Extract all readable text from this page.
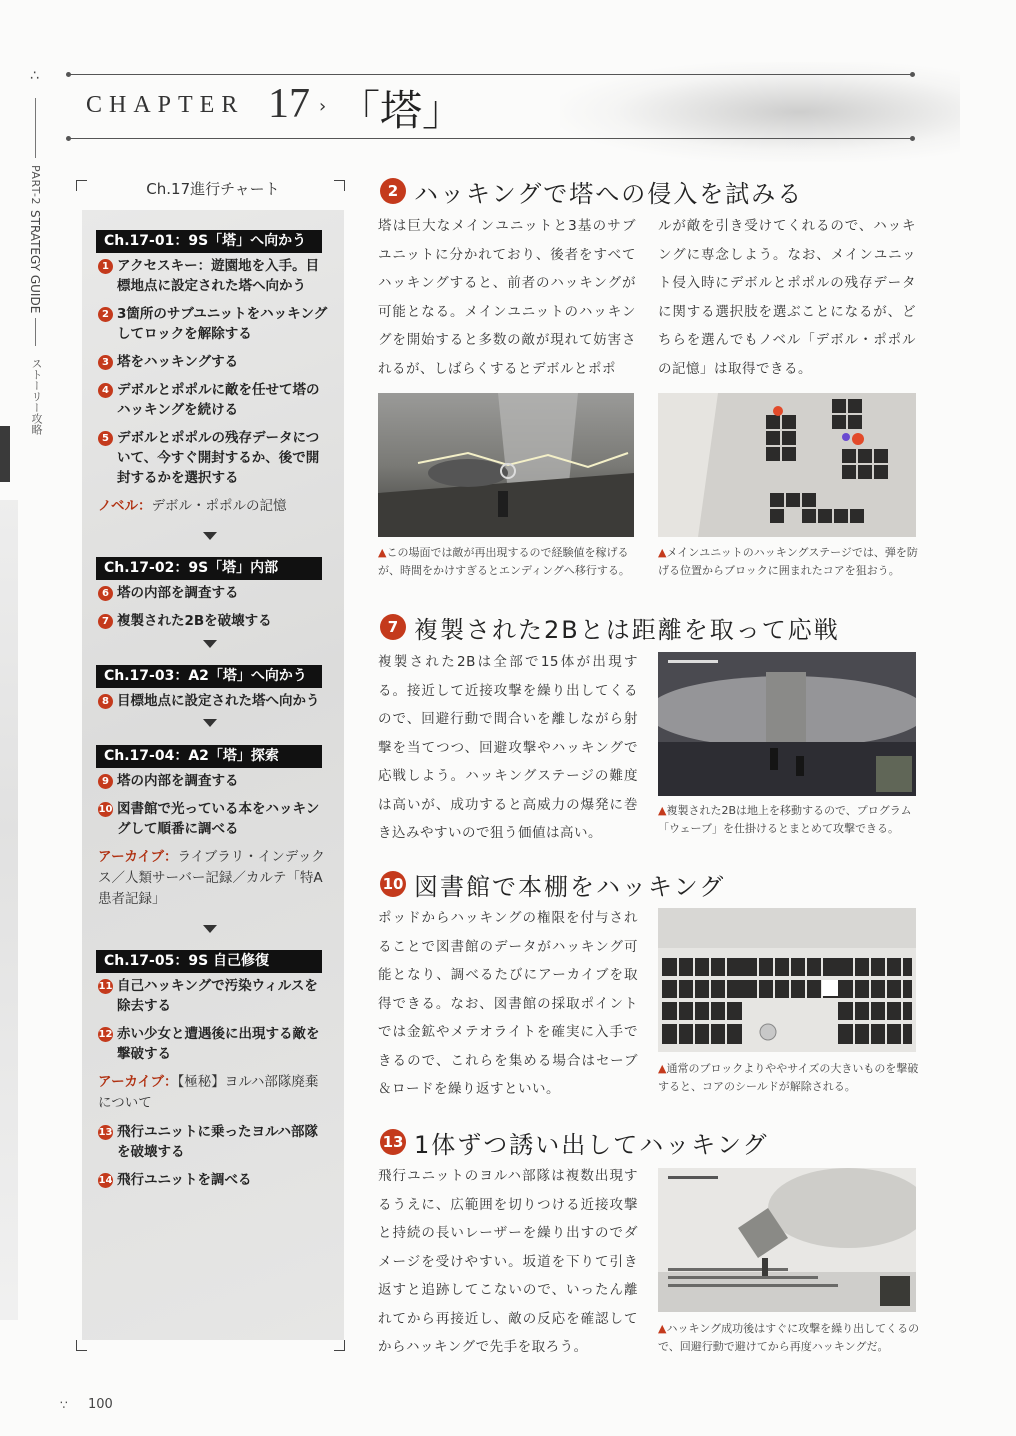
CHAPTER 17 › 「塔」
∴
PART-2
STRATEGY GUIDE
ストーリー攻略
Ch.17進行チャート
Ch.17-01：9S「塔」へ向かう
1 アクセスキー：遊園地を入手。目標地点に設定された塔へ向かう
2 3箇所のサブユニットをハッキングしてロックを解除する
3 塔をハッキングする
4 デボルとポポルに敵を任せて塔のハッキングを続ける
5 デボルとポポルの残存データについて、今すぐ開封するか、後で開封するかを選択する
ノベル：デボル・ポポルの記憶
Ch.17-02：9S「塔」内部
6 塔の内部を調査する
7 複製された2Bを破壊する
Ch.17-03：A2「塔」へ向かう
8 目標地点に設定された塔へ向かう
Ch.17-04：A2「塔」探索
9 塔の内部を調査する
10 図書館で光っている本をハッキングして順番に調べる
アーカイブ：ライブラリ・インデックス／人類サーバー記録／カルテ「特A患者記録」
Ch.17-05：9S 自己修復
11 自己ハッキングで汚染ウィルスを除去する
12 赤い少女と遭遇後に出現する敵を撃破する
アーカイブ：【極秘】ヨルハ部隊廃棄について
13 飛行ユニットに乗ったヨルハ部隊を破壊する
14 飛行ユニットを調べる
2 ハッキングで塔への侵入を試みる
塔は巨大なメインユニットと3基のサブユニットに分かれており、後者をすべてハッキングすると、前者のハッキングが可能となる。メインユニットのハッキングを開始すると多数の敵が現れて妨害されるが、しばらくするとデボルとポポ
ルが敵を引き受けてくれるので、ハッキングに専念しよう。なお、メインユニット侵入時にデボルとポポルの残存データに関する選択肢を選ぶことになるが、どちらを選んでもノベル「デボル・ポポルの記憶」は取得できる。
▲この場面では敵が再出現するので経験値を稼げるが、時間をかけすぎるとエンディングへ移行する。
▲メインユニットのハッキングステージでは、弾を防げる位置からブロックに囲まれたコアを狙おう。
7 複製された2Bとは距離を取って応戦
複製された2Bは全部で15体が出現する。接近して近接攻撃を繰り出してくるので、回避行動で間合いを離しながら射撃を当てつつ、回避攻撃やハッキングで応戦しよう。ハッキングステージの難度は高いが、成功すると高威力の爆発に巻き込みやすいので狙う価値は高い。
▲複製された2Bは地上を移動するので、プログラム「ウェーブ」を仕掛けるとまとめて攻撃できる。
10 図書館で本棚をハッキング
ポッドからハッキングの権限を付与されることで図書館のデータがハッキング可能となり、調べるたびにアーカイブを取得できる。なお、図書館の採取ポイントでは金鉱やメテオライトを確実に入手できるので、これらを集める場合はセーブ＆ロードを繰り返すといい。
▲通常のブロックよりややサイズの大きいものを撃破すると、コアのシールドが解除される。
13 1体ずつ誘い出してハッキング
飛行ユニットのヨルハ部隊は複数出現するうえに、広範囲を切りつける近接攻撃と持続の長いレーザーを繰り出すのでダメージを受けやすい。坂道を下りて引き返すと追跡してこないので、いったん離れてから再接近し、敵の反応を確認してからハッキングで先手を取ろう。
▲ハッキング成功後はすぐに攻撃を繰り出してくるので、回避行動で避けてから再度ハッキングだ。
∵ 100
